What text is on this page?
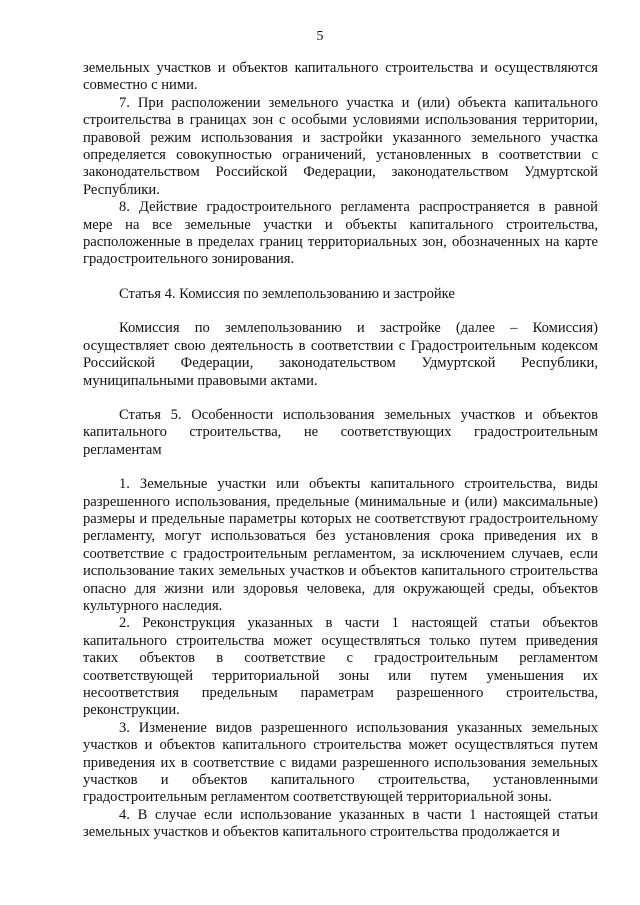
5

земельных участков и объектов капитального строительства и осуществляются совместно с ними.

7. При расположении земельного участка и (или) объекта капитального строительства в границах зон с особыми условиями использования территории, правовой режим использования и застройки указанного земельного участка определяется совокупностью ограничений, установленных в соответствии с законодательством Российской Федерации, законодательством Удмуртской Республики.

8. Действие градостроительного регламента распространяется в равной мере на все земельные участки и объекты капитального строительства, расположенные в пределах границ территориальных зон, обозначенных на карте градостроительного зонирования.

Статья 4. Комиссия по землепользованию и застройке

Комиссия по землепользованию и застройке (далее – Комиссия) осуществляет свою деятельность в соответствии с Градостроительным кодексом Российской Федерации, законодательством Удмуртской Республики, муниципальными правовыми актами.

Статья 5. Особенности использования земельных участков и объектов капитального строительства, не соответствующих градостроительным регламентам

1. Земельные участки или объекты капитального строительства, виды разрешенного использования, предельные (минимальные и (или) максимальные) размеры и предельные параметры которых не соответствуют градостроительному регламенту, могут использоваться без установления срока приведения их в соответствие с градостроительным регламентом, за исключением случаев, если использование таких земельных участков и объектов капитального строительства опасно для жизни или здоровья человека, для окружающей среды, объектов культурного наследия.

2. Реконструкция указанных в части 1 настоящей статьи объектов капитального строительства может осуществляться только путем приведения таких объектов в соответствие с градостроительным регламентом соответствующей территориальной зоны или путем уменьшения их несоответствия предельным параметрам разрешенного строительства, реконструкции.

3. Изменение видов разрешенного использования указанных земельных участков и объектов капитального строительства может осуществляться путем приведения их в соответствие с видами разрешенного использования земельных участков и объектов капитального строительства, установленными градостроительным регламентом соответствующей территориальной зоны.

4. В случае если использование указанных в части 1 настоящей статьи земельных участков и объектов капитального строительства продолжается и
